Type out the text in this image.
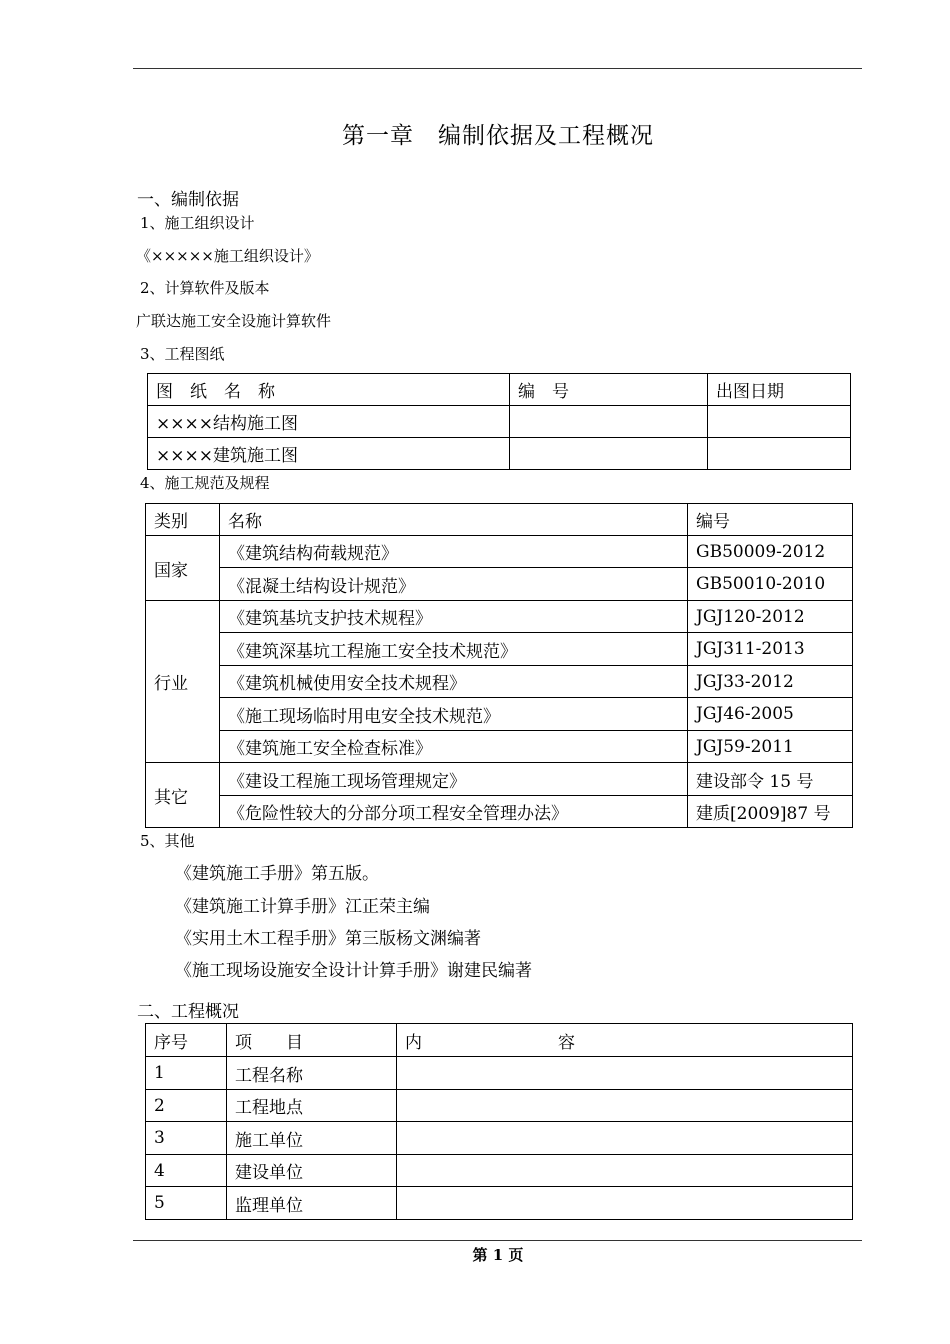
第一章　编制依据及工程概况
一、编制依据
1、施工组织设计
《×××××施工组织设计》
2、计算软件及版本
广联达施工安全设施计算软件
3、工程图纸
图　纸　名　称	编　号	出图日期
××××结构施工图		
××××建筑施工图		
4、施工规范及规程
类别	名称	编号
国家	《建筑结构荷载规范》	GB50009-2012
	《混凝土结构设计规范》	GB50010-2010
行业	《建筑基坑支护技术规程》	JGJ120-2012
	《建筑深基坑工程施工安全技术规范》	JGJ311-2013
	《建筑机械使用安全技术规程》	JGJ33-2012
	《施工现场临时用电安全技术规范》	JGJ46-2005
	《建筑施工安全检查标准》	JGJ59-2011
其它	《建设工程施工现场管理规定》	建设部令 15 号
	《危险性较大的分部分项工程安全管理办法》	建质[2009]87 号
5、其他
《建筑施工手册》第五版。
《建筑施工计算手册》江正荣主编
《实用土木工程手册》第三版杨文渊编著
《施工现场设施安全设计计算手册》谢建民编著
二、工程概况
序号	项　　目	内　　　　　　　　容
1	工程名称	
2	工程地点	
3	施工单位	
4	建设单位	
5	监理单位	
第 1 页
